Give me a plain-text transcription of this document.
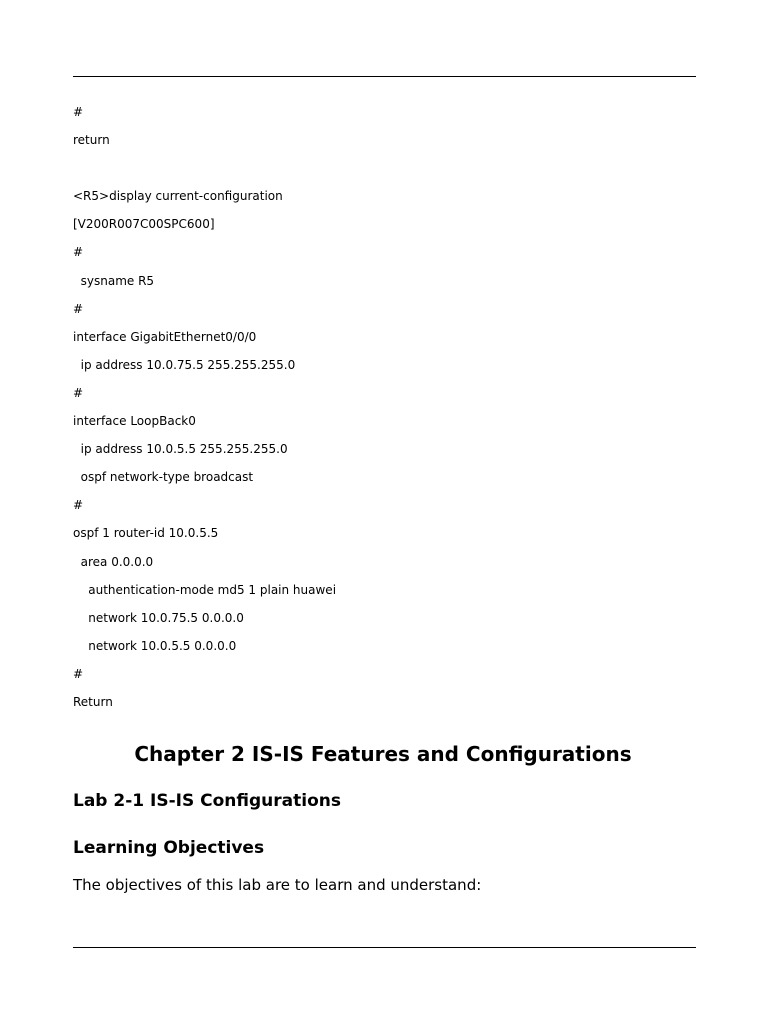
#
return
<R5>display current-configuration
[V200R007C00SPC600]
#
sysname R5
#
interface GigabitEthernet0/0/0
ip address 10.0.75.5 255.255.255.0
#
interface LoopBack0
ip address 10.0.5.5 255.255.255.0
ospf network-type broadcast
#
ospf 1 router-id 10.0.5.5
area 0.0.0.0
authentication-mode md5 1 plain huawei
network 10.0.75.5 0.0.0.0
network 10.0.5.5 0.0.0.0
#
Return
Chapter 2 IS-IS Features and Configurations
Lab 2-1 IS-IS Configurations
Learning Objectives

The objectives of this lab are to learn and understand:
